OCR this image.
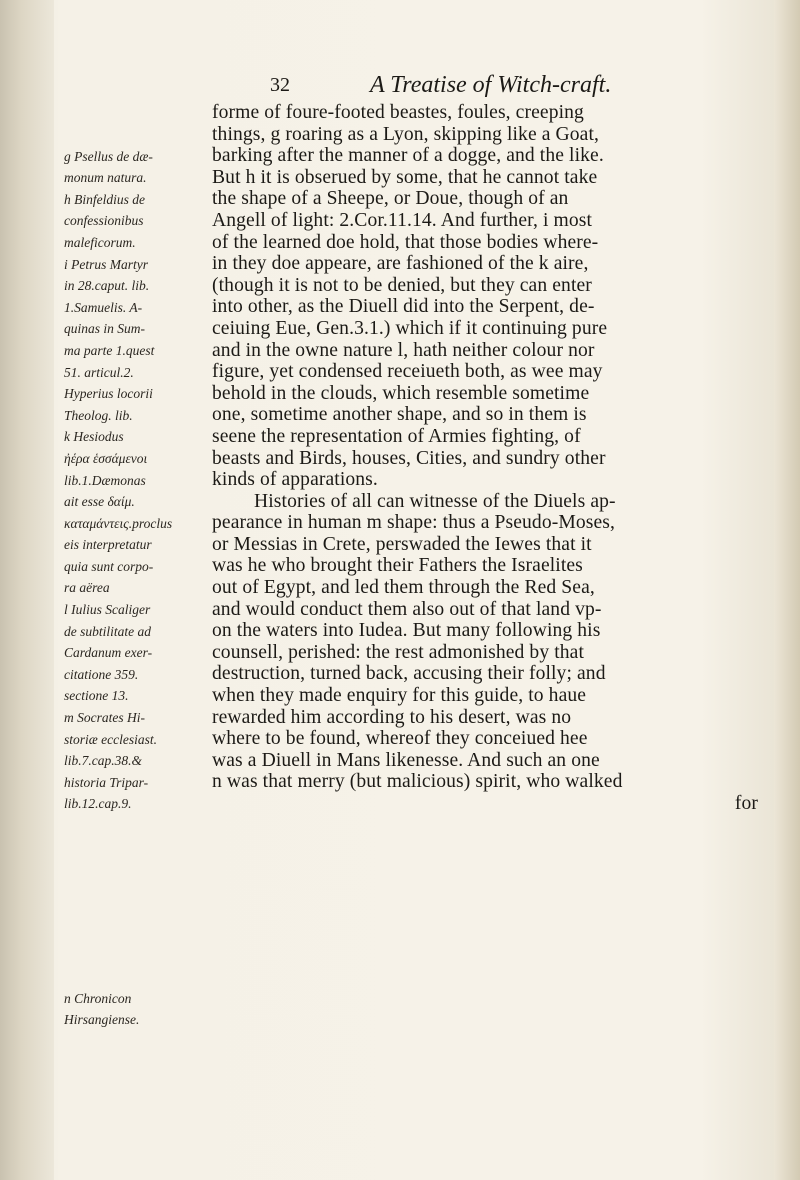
32	A Treatise of Witch-craft.
g Psellus de dæ-
monum natura.
h Binfeldius de
confessionibus
maleficorum.
i Petrus Martyr
in 28.caput. lib.
1.Samuelis. A-
quinas in Sum-
ma parte 1.quest
51. articul.2.
Hyperius locorii
Theolog. lib.
k Hesiodus
ἠέρα ἑσσάμενοι
lib.1.Dæmonas
ait esse δαίμ.
καταμάντεις.proclus
eis interpretatur
quia sunt corpo-
ra aërea
l Iulius Scaliger
de subtilitate ad
Cardanum exer-
citatione 359.
sectione 13.
m Socrates Hi-
storiæ ecclesiast.
lib.7.cap.38.&
historia Tripar-
lib.12.cap.9.
n Chronicon
Hirsangiense.
forme of foure-footed beastes, foules, creeping
things, g roaring as a Lyon, skipping like a Goat,
barking after the manner of a dogge, and the like.
But h it is obserued by some, that he cannot take
the shape of a Sheepe, or Doue, though of an
Angell of light: 2.Cor.11.14. And further, i most
of the learned doe hold, that those bodies where-
in they doe appeare, are fashioned of the k aire,
(though it is not to be denied, but they can enter
into other, as the Diuell did into the Serpent, de-
ceiuing Eue, Gen.3.1.) which if it continuing pure
and in the owne nature l, hath neither colour nor
figure, yet condensed receiueth both, as wee may
behold in the clouds, which resemble sometime
one, sometime another shape, and so in them is
seene the representation of Armies fighting, of
beasts and Birds, houses, Cities, and sundry other
kinds of apparations.
Histories of all can witnesse of the Diuels ap-
pearance in human m shape: thus a Pseudo-Moses,
or Messias in Crete, perswaded the Iewes that it
was he who brought their Fathers the Israelites
out of Egypt, and led them through the Red Sea,
and would conduct them also out of that land vp-
on the waters into Iudea. But many following his
counsell, perished: the rest admonished by that
destruction, turned back, accusing their folly; and
when they made enquiry for this guide, to haue
rewarded him according to his desert, was no
where to be found, whereof they conceiued hee
was a Diuell in Mans likenesse. And such an one
n was that merry (but malicious) spirit, who walked
for
